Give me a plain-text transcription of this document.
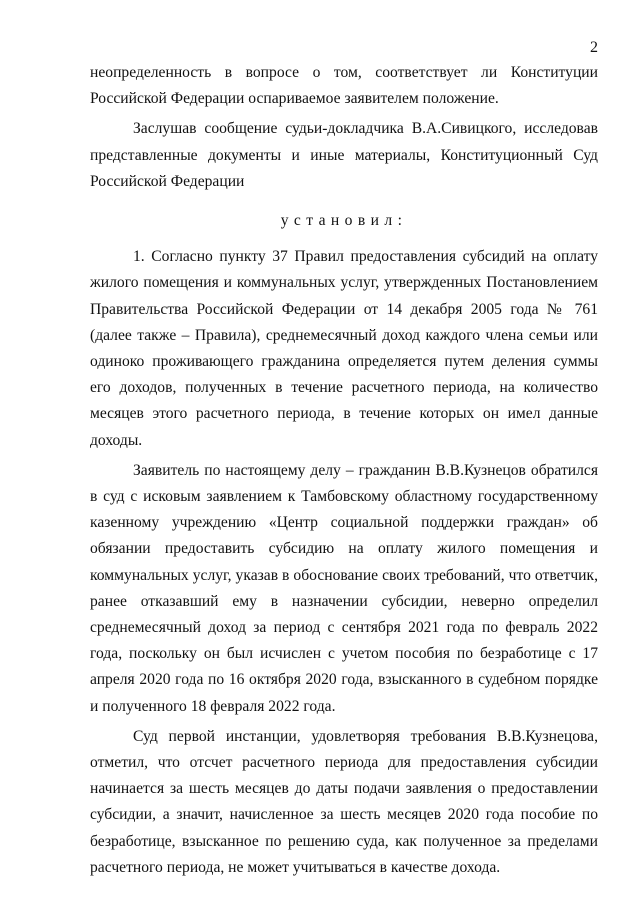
2

неопределенность в вопросе о том, соответствует ли Конституции Российской Федерации оспариваемое заявителем положение.

Заслушав сообщение судьи-докладчика В.А.Сивицкого, исследовав представленные документы и иные материалы, Конституционный Суд Российской Федерации

установил:

1. Согласно пункту 37 Правил предоставления субсидий на оплату жилого помещения и коммунальных услуг, утвержденных Постановлением Правительства Российской Федерации от 14 декабря 2005 года № 761 (далее также – Правила), среднемесячный доход каждого члена семьи или одиноко проживающего гражданина определяется путем деления суммы его доходов, полученных в течение расчетного периода, на количество месяцев этого расчетного периода, в течение которых он имел данные доходы.

Заявитель по настоящему делу – гражданин В.В.Кузнецов обратился в суд с исковым заявлением к Тамбовскому областному государственному казенному учреждению «Центр социальной поддержки граждан» об обязании предоставить субсидию на оплату жилого помещения и коммунальных услуг, указав в обоснование своих требований, что ответчик, ранее отказавший ему в назначении субсидии, неверно определил среднемесячный доход за период с сентября 2021 года по февраль 2022 года, поскольку он был исчислен с учетом пособия по безработице с 17 апреля 2020 года по 16 октября 2020 года, взысканного в судебном порядке и полученного 18 февраля 2022 года.

Суд первой инстанции, удовлетворяя требования В.В.Кузнецова, отметил, что отсчет расчетного периода для предоставления субсидии начинается за шесть месяцев до даты подачи заявления о предоставлении субсидии, а значит, начисленное за шесть месяцев 2020 года пособие по безработице, взысканное по решению суда, как полученное за пределами расчетного периода, не может учитываться в качестве дохода.
